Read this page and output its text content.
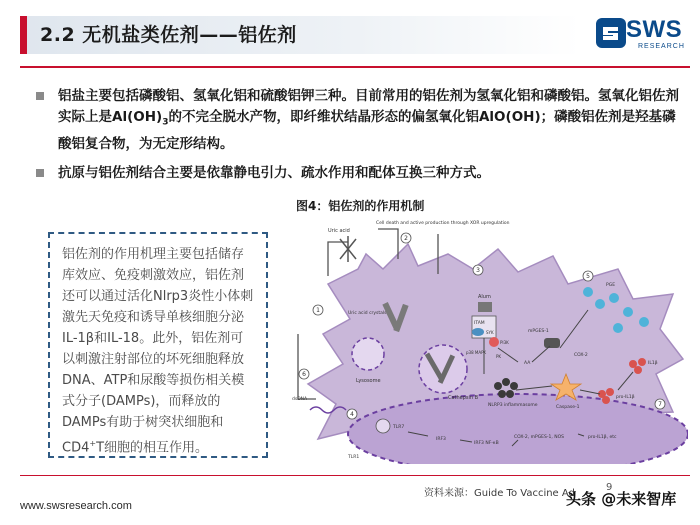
2.2 无机盐类佐剂——铝佐剂	SWS
RESEARCH
铝盐主要包括磷酸铝、氢氧化铝和硫酸铝钾三种。目前常用的铝佐剂为氢氧化铝和磷酸铝。氢氧化铝佐剂实际上是$Al(OH)_3$的不完全脱水产物，即纤维状结晶形态的偏氢氧化铝AlO(OH)；磷酸铝佐剂是羟基磷酸铝复合物，为无定形结构。
抗原与铝佐剂结合主要是依靠静电引力、疏水作用和配体互换三种方式。
图4：铝佐剂的作用机制
铝佐剂的作用机理主要包括储存库效应、免疫刺激效应，铝佐剂还可以通过活化Nlrp3炎性小体刺激先天免疫和诱导单核细胞分泌IL-1β和IL-18。此外，铝佐剂可以刺激注射部位的坏死细胞释放DNA、ATP和尿酸等损伤相关模式分子(DAMPs)，而释放的DAMPs有助于树突状细胞和CD4+T细胞的相互作用。
Uric acid
Cell death and active production through XOR upregulation
Uric acid crystals
Lysosome
Cathepsin B
Alum
ITAM
SYK
PI3K
p38 MAPK
PK
AA
mPGES-1
COX-2
PGE
NLRP3 inflammasome	Caspase-1
pro-IL1β
IL1β
dsDNA
TLR7
TLR1
IRF3
IRF3 NF-κB
COX-2, mPGES-1, NOS	pro-IL1β, etc
1
2
3
4
5
6
7
资料来源：Guide To Vaccine Ad
9
头条 @未来智库
www.swsresearch.com
